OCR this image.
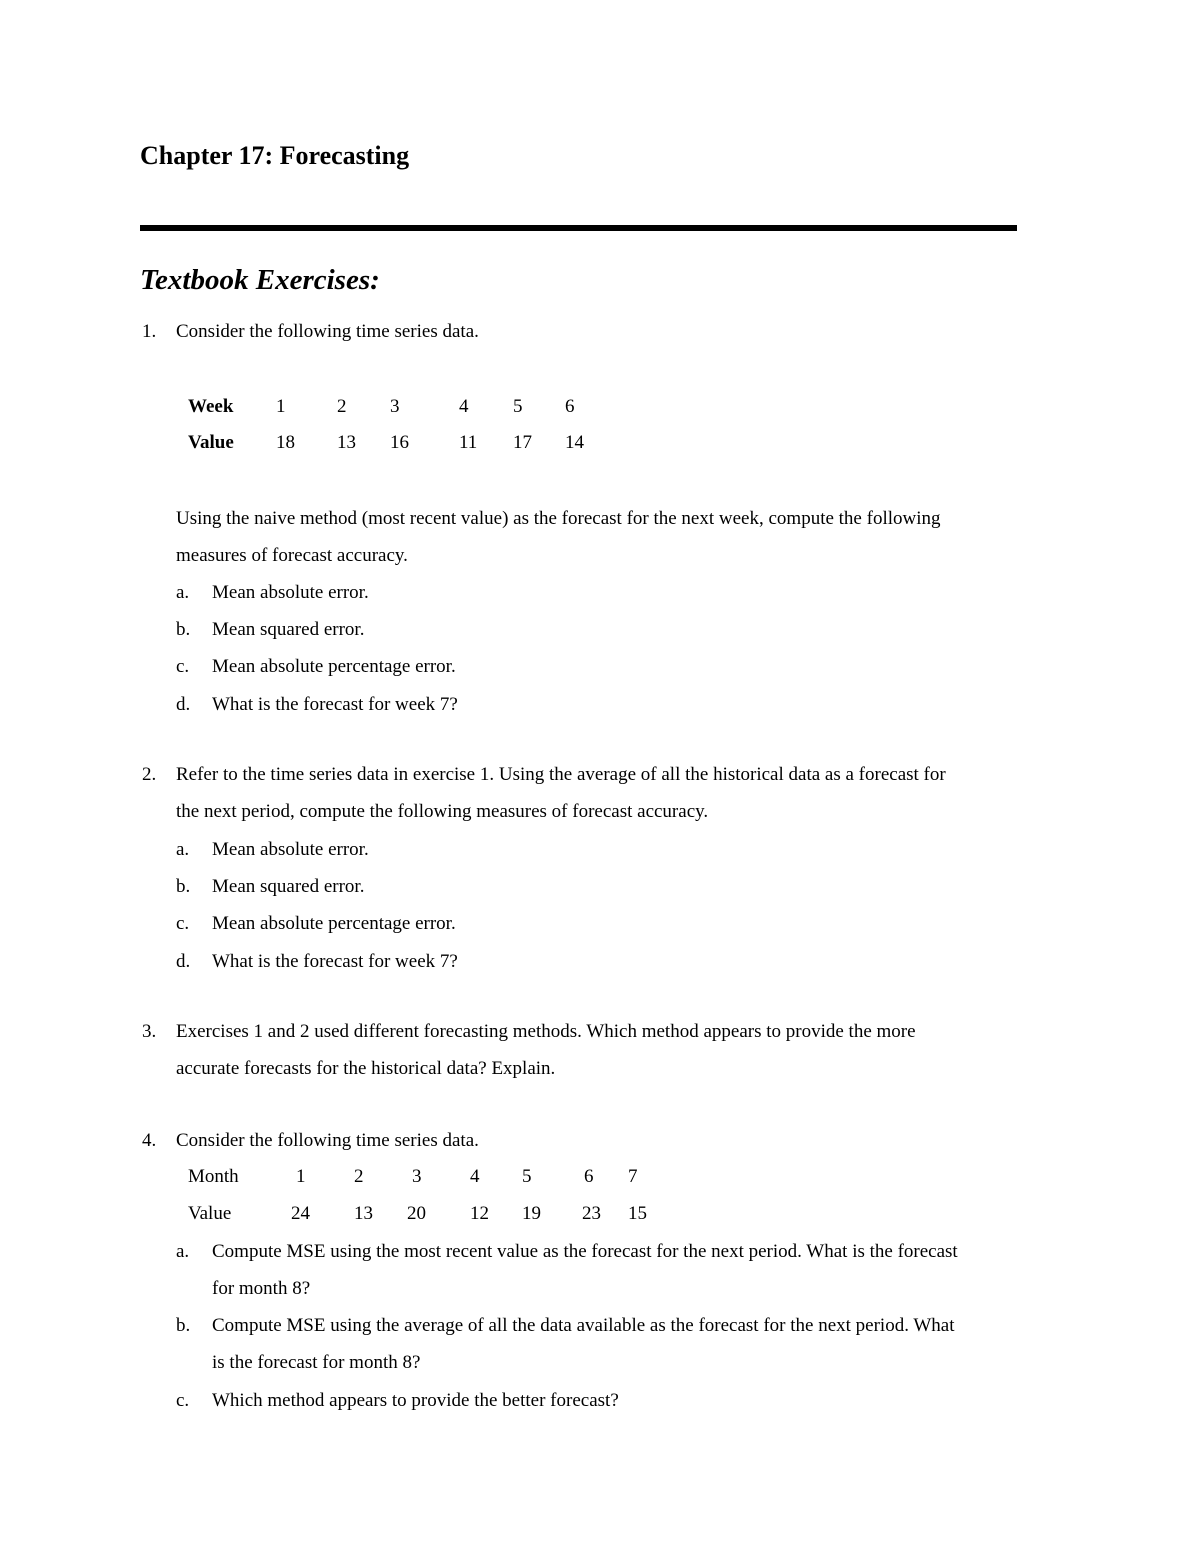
Chapter 17: Forecasting
Textbook Exercises:
1. Consider the following time series data.
Week 1	2 3	4 5 6
Value 18 13 16	11 17 14
Using the naive method (most recent value) as the forecast for the next week, compute the following
measures of forecast accuracy.
a. Mean absolute error.
b. Mean squared error.
c. Mean absolute percentage error.
d. What is the forecast for week 7?
2. Refer to the time series data in exercise 1. Using the average of all the historical data as a forecast for
the next period, compute the following measures of forecast accuracy.
a. Mean absolute error.
b. Mean squared error.
c. Mean absolute percentage error.
d. What is the forecast for week 7?
3. Exercises 1 and 2 used different forecasting methods. Which method appears to provide the more
accurate forecasts for the historical data? Explain.
4. Consider the following time series data.
Month	1	2	3	4 5	6 7
Value	24 13 20 12 19 23 15
a. Compute MSE using the most recent value as the forecast for the next period. What is the forecast
for month 8?
b. Compute MSE using the average of all the data available as the forecast for the next period. What
is the forecast for month 8?
c. Which method appears to provide the better forecast?
